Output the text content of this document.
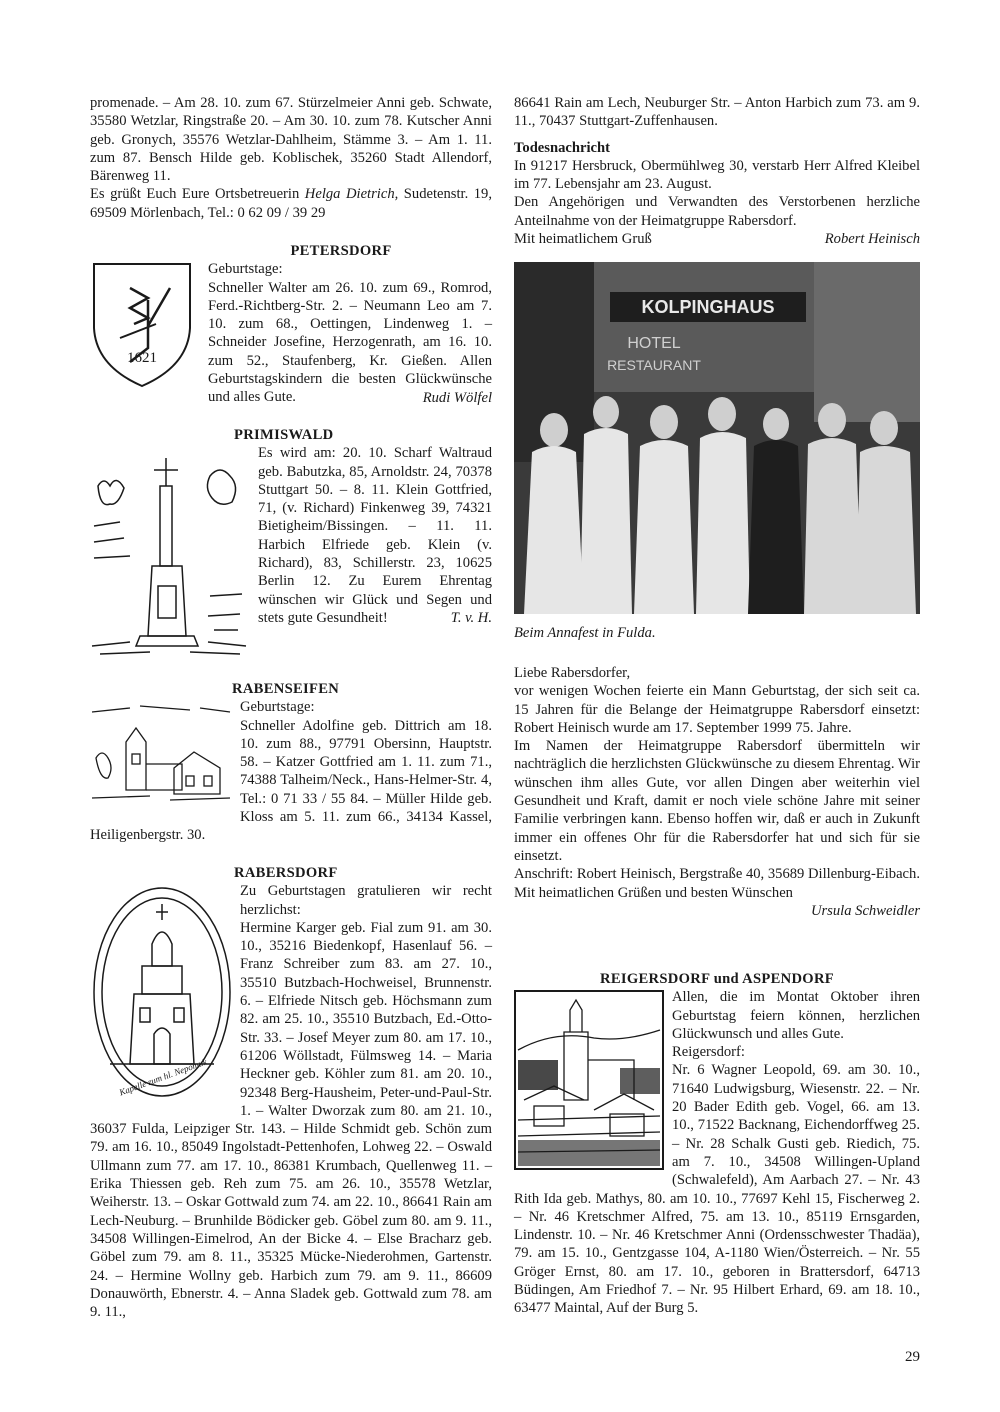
promenade. – Am 28. 10. zum 67. Stürzelmeier Anni geb. Schwate, 35580 Wetzlar, Ringstraße 20. – Am 30. 10. zum 78. Kutscher Anni geb. Gronych, 35576 Wetzlar-Dahlheim, Stämme 3. – Am 1. 11. zum 87. Bensch Hilde geb. Koblischek, 35260 Stadt Allendorf, Bärenweg 11.

Es grüßt Euch Eure Ortsbetreuerin Helga Dietrich, Sudetenstr. 19, 69509 Mörlenbach, Tel.: 0 62 09 / 39 29

PETERSDORF
1621

Geburtstage:

Schneller Walter am 26. 10. zum 69., Romrod, Ferd.-Richtberg-Str. 2. – Neumann Leo am 7. 10. zum 68., Oettingen, Lindenweg 1. – Schneider Josefine, Herzogenrath, am 16. 10. zum 52., Staufenberg, Kr. Gießen. Allen Geburtstagskindern die besten Glückwünsche und alles Gute.	Rudi Wölfel
PRIMISWALD

Es wird am: 20. 10. Scharf Waltraud geb. Babutzka, 85, Arnoldstr. 24, 70378 Stuttgart 50. – 8. 11. Klein Gottfried, 71, (v. Richard) Finkenweg 39, 74321 Bietigheim/Bissingen. – 11. 11. Harbich Elfriede geb. Klein (v. Richard), 83, Schillerstr. 23, 10625 Berlin 12. Zu Eurem Ehrentag wünschen wir Glück und Segen und stets gute Gesundheit!	T. v. H.
RABENSEIFEN

Geburtstage:

Schneller Adolfine geb. Dittrich am 18. 10. zum 88., 97791 Obersinn, Hauptstr. 58. – Katzer Gottfried am 1. 11. zum 71., 74388 Talheim/Neck., Hans-Helmer-Str. 4, Tel.: 0 71 33 / 55 84. – Müller Hilde geb. Kloss am 5. 11. zum 66., 34134 Kassel, Heiligenbergstr. 30.

RABERSDORF
Kapelle zum hl. Nepomuk

Zu Geburtstagen gratulieren wir recht herzlichst:

Hermine Karger geb. Fial zum 91. am 30. 10., 35216 Biedenkopf, Hasenlauf 56. – Franz Schreiber zum 83. am 27. 10., 35510 Butzbach-Hochweisel, Brunnenstr. 6. – Elfriede Nitsch geb. Höchsmann zum 82. am 25. 10., 35510 Butzbach, Ed.-Otto-Str. 33. – Josef Meyer zum 80. am 17. 10., 61206 Wöllstadt, Fülmsweg 14. – Maria Heckner geb. Köhler zum 81. am 20. 10., 92348 Berg-Hausheim, Peter-und-Paul-Str. 1. – Walter Dworzak zum 80. am 21. 10., 36037 Fulda, Leipziger Str. 143. – Hilde Schmidt geb. Schön zum 79. am 16. 10., 85049 Ingolstadt-Pettenhofen, Lohweg 22. – Oswald Ullmann zum 77. am 17. 10., 86381 Krumbach, Quellenweg 11. – Erika Thiessen geb. Reh zum 75. am 26. 10., 35578 Wetzlar, Weiherstr. 13. – Oskar Gottwald zum 74. am 22. 10., 86641 Rain am Lech-Neuburg. – Brunhilde Bödicker geb. Göbel zum 80. am 9. 11., 34508 Willingen-Eimelrod, An der Bicke 4. – Else Bracharz geb. Göbel zum 79. am 8. 11., 35325 Mücke-Niederohmen, Gartenstr. 24. – Hermine Wollny geb. Harbich zum 79. am 9. 11., 86609 Donauwörth, Ebnerstr. 4. – Anna Sladek geb. Gottwald zum 78. am 9. 11.,

86641 Rain am Lech, Neuburger Str. – Anton Harbich zum 73. am 9. 11., 70437 Stuttgart-Zuffenhausen.

Todesnachricht

In 91217 Hersbruck, Obermühlweg 30, verstarb Herr Alfred Kleibel im 77. Lebensjahr am 23. August.

Den Angehörigen und Verwandten des Verstorbenen herzliche Anteilnahme von der Heimatgruppe Rabersdorf.

Mit heimatlichem Gruß	Robert Heinisch
KOLPINGHAUS
HOTEL
RESTAURANT
Beim Annafest in Fulda.

Liebe Rabersdorfer,

vor wenigen Wochen feierte ein Mann Geburtstag, der sich seit ca. 15 Jahren für die Belange der Heimatgruppe Rabersdorf einsetzt: Robert Heinisch wurde am 17. September 1999 75. Jahre.

Im Namen der Heimatgruppe Rabersdorf übermitteln wir nachträglich die herzlichsten Glückwünsche zu diesem Ehrentag. Wir wünschen ihm alles Gute, vor allen Dingen aber weiterhin viel Gesundheit und Kraft, damit er noch viele schöne Jahre mit seiner Familie verbringen kann. Ebenso hoffen wir, daß er auch in Zukunft immer ein offenes Ohr für die Rabersdorfer hat und sich für sie einsetzt.

Anschrift: Robert Heinisch, Bergstraße 40, 35689 Dillenburg-Eibach.

Mit heimatlichen Grüßen und besten Wünschen

Ursula Schweidler
REIGERSDORF und ASPENDORF

Allen, die im Montat Oktober ihren Geburtstag feiern können, herzlichen Glückwunsch und alles Gute.

Reigersdorf:

Nr. 6 Wagner Leopold, 69. am 30. 10., 71640 Ludwigsburg, Wiesenstr. 22. – Nr. 20 Bader Edith geb. Vogel, 66. am 13. 10., 71522 Backnang, Eichendorffweg 25. – Nr. 28 Schalk Gusti geb. Riedich, 75. am 7. 10., 34508 Willingen-Upland (Schwalefeld), Am Aarbach 27. – Nr. 43 Rith Ida geb. Mathys, 80. am 10. 10., 77697 Kehl 15, Fischerweg 2. – Nr. 46 Kretschmer Alfred, 75. am 13. 10., 85119 Ernsgarden, Lindenstr. 10. – Nr. 46 Kretschmer Anni (Ordensschwester Thadäa), 79. am 15. 10., Gentzgasse 104, A-1180 Wien/Österreich. – Nr. 55 Gröger Ernst, 80. am 17. 10., geboren in Brattersdorf, 64713 Büdingen, Am Friedhof 7. – Nr. 95 Hilbert Erhard, 69. am 18. 10., 63477 Maintal, Auf der Burg 5.

29
